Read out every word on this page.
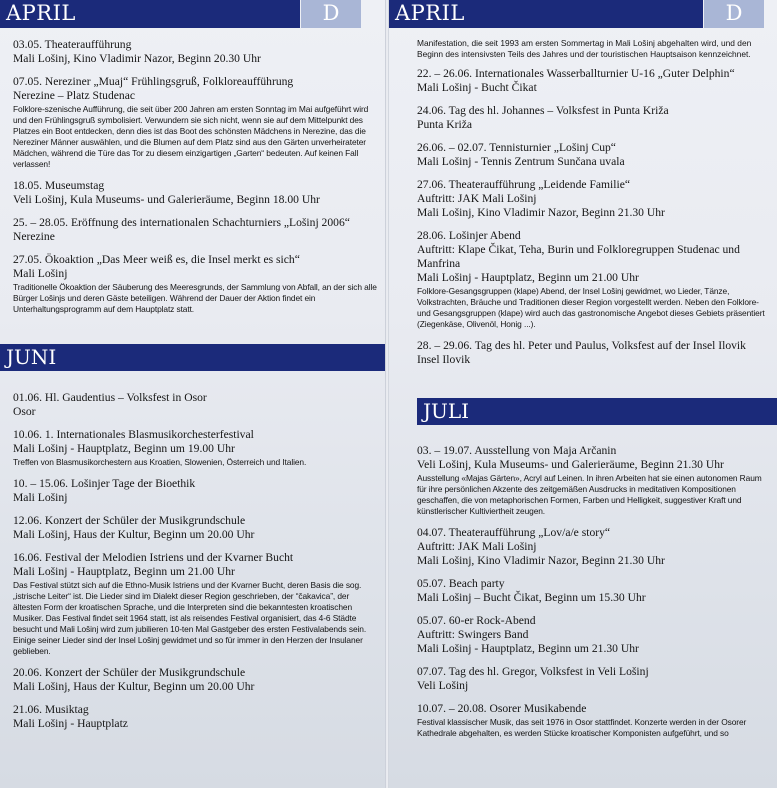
APRIL	D
03.05. Theateraufführung
Mali Lošinj, Kino Vladimir Nazor, Beginn 20.30 Uhr
07.05. Nereziner „Muaj“ Frühlingsgruß, Folkloreaufführung
Nerezine – Platz Studenac
Folklore-szenische Aufführung, die seit über 200 Jahren am ersten Sonntag im Mai aufgeführt wird und den Frühlingsgruß symbolisiert. Verwundern sie sich nicht, wenn sie auf dem Mittelpunkt des Platzes ein Boot entdecken, denn dies ist das Boot des schönsten Mädchens in Nerezine, das die Nereziner Männer auswählen, und die Blumen auf dem Platz sind aus den Gärten unverheirateter Mädchen, während die Türe das Tor zu diesem einzigartigen „Garten“ bedeuten. Auf keinen Fall verlassen!
18.05. Museumstag
Veli Lošinj, Kula Museums- und Galerieräume, Beginn 18.00 Uhr
25. – 28.05. Eröffnung des internationalen Schachturniers „Lošinj 2006“
Nerezine
27.05. Ökoaktion „Das Meer weiß es, die Insel merkt es sich“
Mali Lošinj
Traditionelle Ökoaktion der Säuberung des Meeresgrunds, der Sammlung von Abfall, an der sich alle Bürger Lošinjs und deren Gäste beteiligen. Während der Dauer der Aktion findet ein Unterhaltungsprogramm auf dem Hauptplatz statt.
JUNI
01.06. Hl. Gaudentius – Volksfest in Osor
Osor
10.06. 1. Internationales Blasmusikorchesterfestival
Mali Lošinj - Hauptplatz, Beginn um 19.00 Uhr
Treffen von Blasmusikorchestern aus Kroatien, Slowenien, Österreich und Italien.
10. – 15.06. Lošinjer Tage der Bioethik
Mali Lošinj
12.06. Konzert der Schüler der Musikgrundschule
Mali Lošinj, Haus der Kultur, Beginn um 20.00 Uhr
16.06. Festival der Melodien Istriens und der Kvarner Bucht
Mali Lošinj - Hauptplatz, Beginn um 21.00 Uhr
Das Festival stützt sich auf die Ethno-Musik Istriens und der Kvarner Bucht, deren Basis die sog. „istrische Leiter“ ist. Die Lieder sind im Dialekt dieser Region geschrieben, der “čakavica”, der ältesten Form der kroatischen Sprache, und die Interpreten sind die bekanntesten kroatischen Musiker. Das Festival findet seit 1964 statt, ist als reisendes Festival organisiert, das 4-6 Städte besucht und Mali Lošinj wird zum jubilieren 10-ten Mal Gastgeber des ersten Festivalabends sein. Einige seiner Lieder sind der Insel Lošinj gewidmet und so für immer in den Herzen der Insulaner geblieben.
20.06. Konzert der Schüler der Musikgrundschule
Mali Lošinj, Haus der Kultur, Beginn um 20.00 Uhr
21.06. Musiktag
Mali Lošinj - Hauptplatz
APRIL	D
Manifestation, die seit 1993 am ersten Sommertag in Mali Lošinj abgehalten wird, und den Beginn des intensivsten Teils des Jahres und der touristischen Hauptsaison kennzeichnet.
22. – 26.06. Internationales Wasserballturnier U-16 „Guter Delphin“
Mali Lošinj - Bucht Čikat
24.06. Tag des hl. Johannes – Volksfest in Punta Križa
Punta Križa
26.06. – 02.07. Tennisturnier „Lošinj Cup“
Mali Lošinj - Tennis Zentrum Sunčana uvala
27.06. Theateraufführung „Leidende Familie“
Auftritt: JAK Mali Lošinj
Mali Lošinj, Kino Vladimir Nazor, Beginn 21.30 Uhr
28.06. Lošinjer Abend
Auftritt: Klape Čikat, Teha, Burin und Folkloregruppen Studenac und Manfrina
Mali Lošinj - Hauptplatz, Beginn um 21.00 Uhr
Folklore-Gesangsgruppen (klape) Abend, der Insel Lošinj gewidmet, wo Lieder, Tänze, Volkstrachten, Bräuche und Traditionen dieser Region vorgestellt werden. Neben den Folklore- und Gesangsgruppen (klape) wird auch das gastronomische Angebot dieses Gebiets präsentiert (Ziegenkäse, Olivenöl, Honig ...).
28. – 29.06. Tag des hl. Peter und Paulus, Volksfest auf der Insel Ilovik
Insel Ilovik
JULI
03. – 19.07. Ausstellung von Maja Arčanin
Veli Lošinj, Kula Museums- und Galerieräume, Beginn 21.30 Uhr
Ausstellung «Majas Gärten», Acryl auf Leinen. In ihren Arbeiten hat sie einen autonomen Raum für ihre persönlichen Akzente des zeitgemäßen Ausdrucks in meditativen Kompositionen geschaffen, die von metaphorischen Formen, Farben und Helligkeit, suggestiver Kraft und künstlerischer Kultiviertheit zeugen.
04.07. Theateraufführung „Lov/a/e story“
Auftritt: JAK Mali Lošinj
Mali Lošinj, Kino Vladimir Nazor, Beginn 21.30 Uhr
05.07. Beach party
Mali Lošinj – Bucht Čikat, Beginn um 15.30 Uhr
05.07. 60-er Rock-Abend
Auftritt: Swingers Band
Mali Lošinj - Hauptplatz, Beginn um 21.30 Uhr
07.07. Tag des hl. Gregor, Volksfest in Veli Lošinj
Veli Lošinj
10.07. – 20.08. Osorer Musikabende
Festival klassischer Musik, das seit 1976 in Osor stattfindet. Konzerte werden in der Osorer Kathedrale abgehalten, es werden Stücke kroatischer Komponisten aufgeführt, und so
